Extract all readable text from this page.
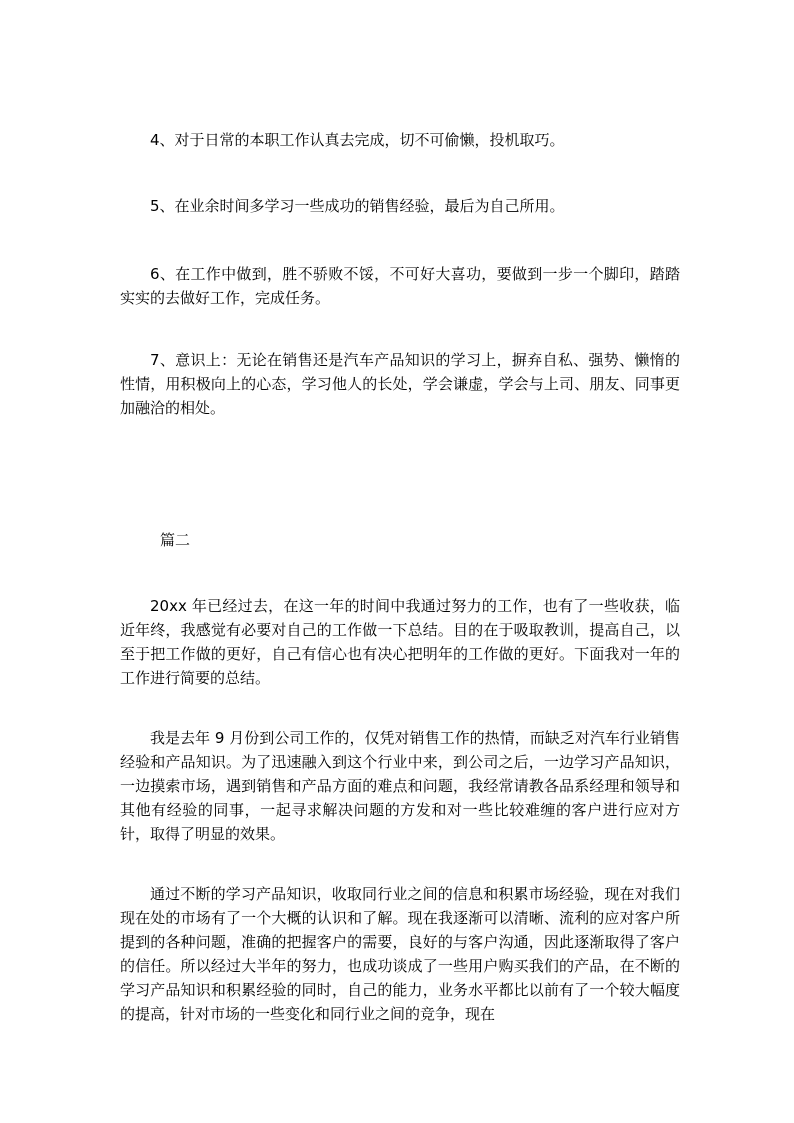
4、对于日常的本职工作认真去完成，切不可偷懒，投机取巧。

5、在业余时间多学习一些成功的销售经验，最后为自己所用。

6、在工作中做到，胜不骄败不馁，不可好大喜功，要做到一步一个脚印，踏踏实实的去做好工作，完成任务。

7、意识上：无论在销售还是汽车产品知识的学习上，摒弃自私、强势、懒惰的性情，用积极向上的心态，学习他人的长处，学会谦虚，学会与上司、朋友、同事更加融洽的相处。

篇二

20xx 年已经过去，在这一年的时间中我通过努力的工作，也有了一些收获，临近年终，我感觉有必要对自己的工作做一下总结。目的在于吸取教训，提高自己，以至于把工作做的更好，自己有信心也有决心把明年的工作做的更好。下面我对一年的工作进行简要的总结。

我是去年 9 月份到公司工作的，仅凭对销售工作的热情，而缺乏对汽车行业销售经验和产品知识。为了迅速融入到这个行业中来，到公司之后，一边学习产品知识，一边摸索市场，遇到销售和产品方面的难点和问题，我经常请教各品系经理和领导和其他有经验的同事，一起寻求解决问题的方发和对一些比较难缠的客户进行应对方针，取得了明显的效果。

通过不断的学习产品知识，收取同行业之间的信息和积累市场经验，现在对我们现在处的市场有了一个大概的认识和了解。现在我逐渐可以清晰、流利的应对客户所提到的各种问题，准确的把握客户的需要，良好的与客户沟通，因此逐渐取得了客户的信任。所以经过大半年的努力，也成功谈成了一些用户购买我们的产品，在不断的学习产品知识和积累经验的同时，自己的能力，业务水平都比以前有了一个较大幅度的提高，针对市场的一些变化和同行业之间的竞争，现在
